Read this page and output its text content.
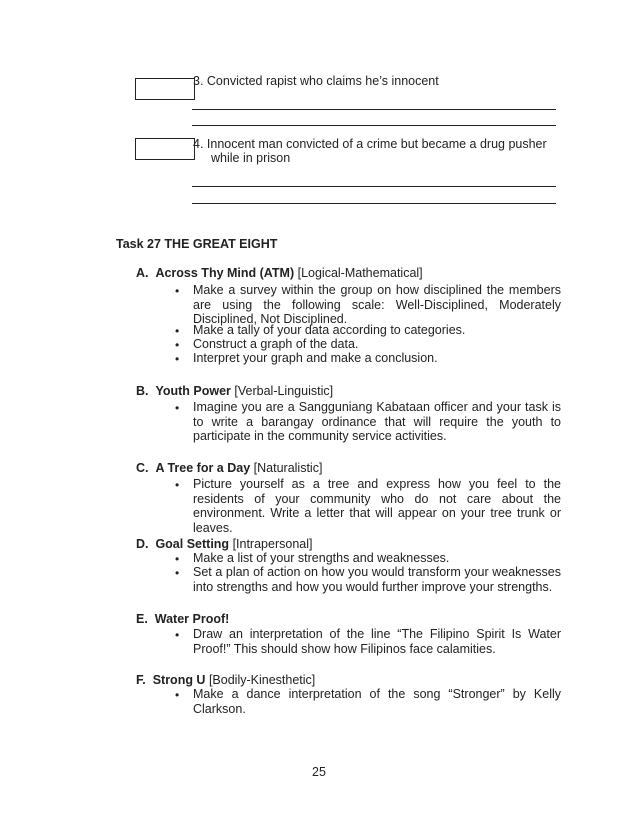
3. Convicted rapist who claims he’s innocent
4. Innocent man convicted of a crime but became a drug pusher
while in prison
Task 27 THE GREAT EIGHT
A. Across Thy Mind (ATM) [Logical-Mathematical]
• Make a survey within the group on how disciplined the members are using the following scale: Well-Disciplined, Moderately Disciplined, Not Disciplined.
• Make a tally of your data according to categories.
• Construct a graph of the data.
• Interpret your graph and make a conclusion.
B. Youth Power [Verbal-Linguistic]
• Imagine you are a Sangguniang Kabataan officer and your task is to write a barangay ordinance that will require the youth to participate in the community service activities.
C. A Tree for a Day [Naturalistic]
• Picture yourself as a tree and express how you feel to the residents of your community who do not care about the environment. Write a letter that will appear on your tree trunk or leaves.
D. Goal Setting [Intrapersonal]
• Make a list of your strengths and weaknesses.
• Set a plan of action on how you would transform your weaknesses into strengths and how you would further improve your strengths.
E. Water Proof!
• Draw an interpretation of the line “The Filipino Spirit Is Water Proof!” This should show how Filipinos face calamities.
F. Strong U [Bodily-Kinesthetic]
• Make a dance interpretation of the song “Stronger” by Kelly Clarkson.
25
